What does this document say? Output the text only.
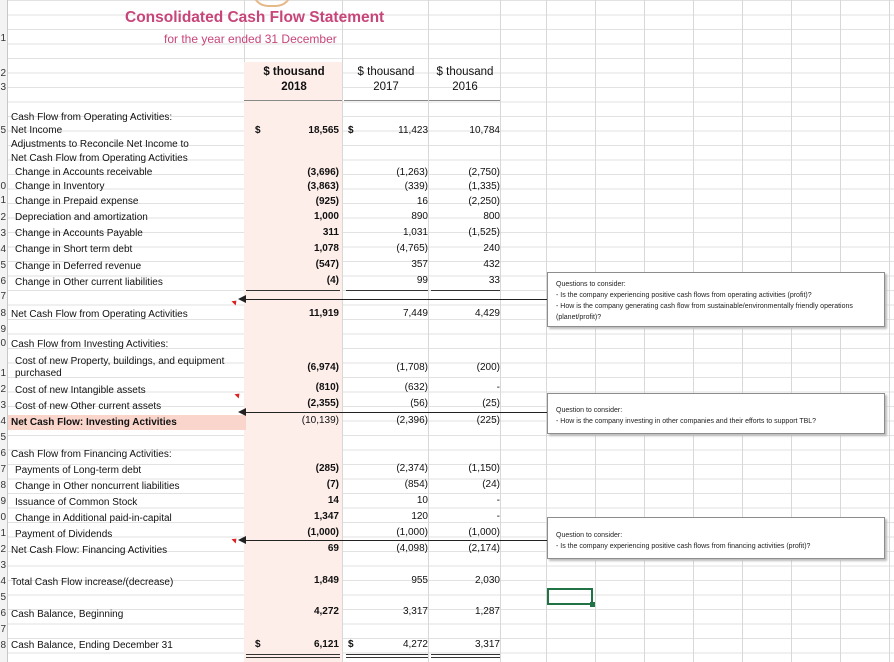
1
2
3
5
0
1
2
3
4
5
6
7
8
9
0
1
2
3
4
5
6
7
8
9
0
1
2
3
4
5
6
7
8
Consolidated Cash Flow Statement
for the year ended 31 December
$ thousand
2018
$ thousand
2017
$ thousand
2016
Cash Flow from Operating Activities:
Net Income	$	18,565 $	11,423	10,784
Adjustments to Reconcile Net Income to
Net Cash Flow from Operating Activities
Change in Accounts receivable	(3,696)	(1,263)	(2,750)
Change in Inventory	(3,863)	(339)	(1,335)
Change in Prepaid expense	(925)	16	(2,250)
Depreciation and amortization	1,000	890	800
Change in Accounts Payable	311	1,031	(1,525)
Change in Short term debt	1,078	(4,765)	240
Change in Deferred revenue	(547)	357	432
Change in Other current liabilities	(4)	99	33
Net Cash Flow from Operating Activities	11,919	7,449	4,429
Cash Flow from Investing Activities:
Cost of new Property, buildings, and equipment purchased
(6,974)	(1,708)	(200)
Cost of new Intangible assets	(810)	(632)	-
Cost of new Other current assets	(2,355)	(56)	(25)
Net Cash Flow: Investing Activities	(10,139)	(2,396)	(225)
Cash Flow from Financing Activities:
Payments of Long-term debt	(285)	(2,374)	(1,150)
Change in Other noncurrent liabilities	(7)	(854)	(24)
Issuance of Common Stock	14	10	-
Change in Additional paid-in-capital	1,347	120	-
Payment of Dividends	(1,000)	(1,000)	(1,000)
Net Cash Flow: Financing Activities	69	(4,098)	(2,174)
Total Cash Flow increase/(decrease)	1,849	955	2,030
Cash Balance, Beginning	4,272	3,317	1,287
Cash Balance, Ending December 31	$	6,121 $	4,272	3,317
Questions to consider:
- Is the company experiencing positive cash flows from operating activities (profit)?
- How is the company generating cash flow from sustainable/environmentally friendly operations (planet/profit)?
Question to consider:
- How is the company investing in other companies and their efforts to support TBL?
Question to consider:
- Is the company experiencing positive cash flows from financing activities (profit)?
